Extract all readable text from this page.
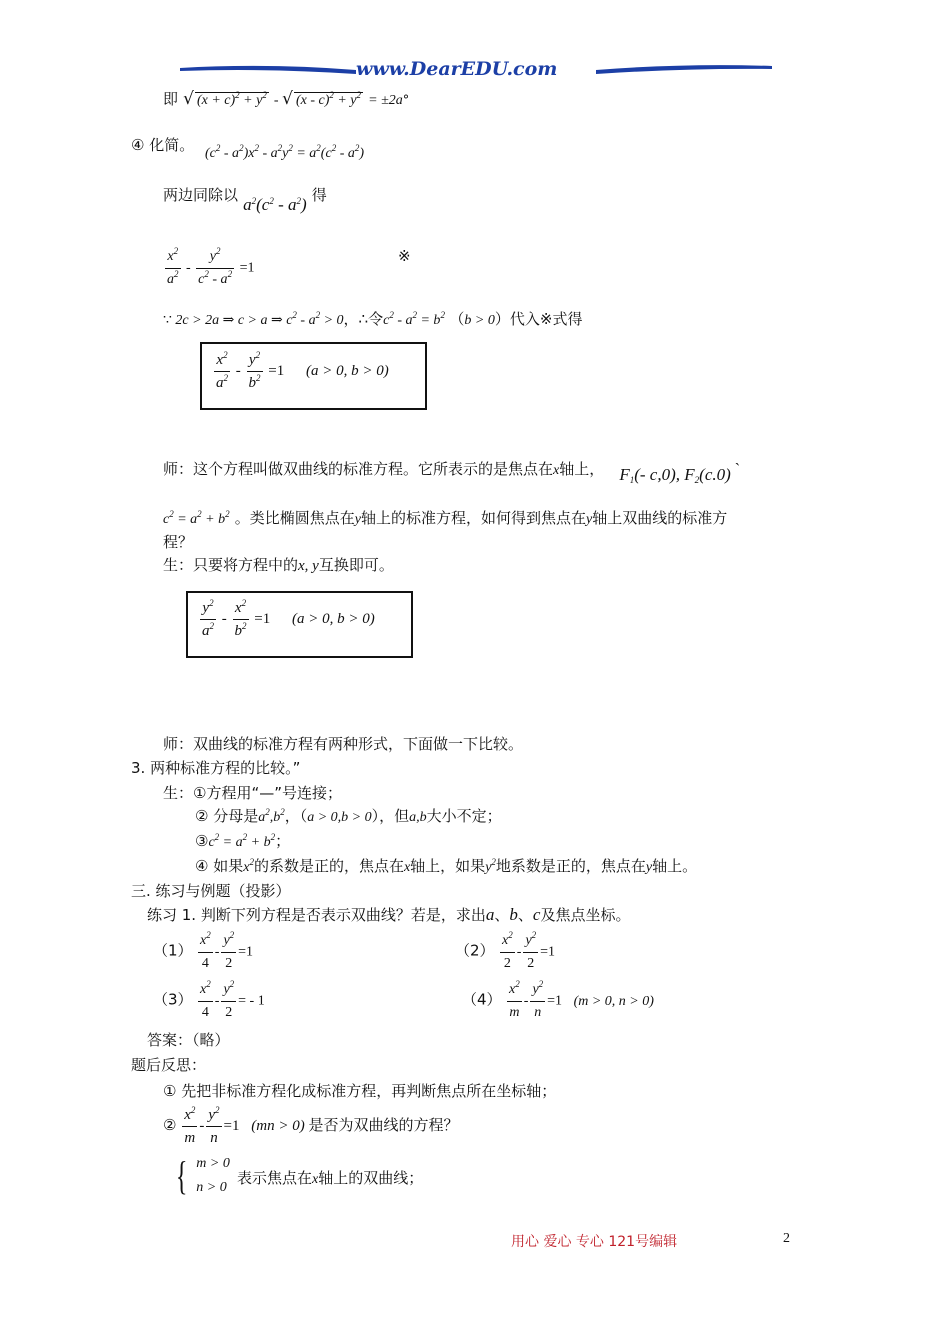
www.DearEDU.com
即 √ $(x + c)^2 + y^2$ - √ $(x - c)^2 + y^2 = \pm 2a^\circ$
④ 化简。 $(c^2 - a^2)x^2 - a^2y^2 = a^2(c^2 - a^2)$
两边同除以 $a^2(c^2 - a^2)$ 得
$\frac{x^2}{a^2} - \frac{y^2}{c^2 - a^2} =1$
※
∵ 2c > 2a ⇒ c > a ⇒ $c^2 - a^2 > 0$，∴令$c^2 - a^2 = b^2$ （b > 0）代入※式得
$\frac{x^2}{a^2} - \frac{y^2}{b^2} =1$ (a > 0, b > 0)
师：这个方程叫做双曲线的标准方程。它所表示的是焦点在x轴上， $F_1(-$ c,0), $F_2(c.0)$ `
$c^2 = a^2 + b^2$ 。类比椭圆焦点在y轴上的标准方程，如何得到焦点在y轴上双曲线的标准方
程？
生：只要将方程中的x, y互换即可。
$\frac{y^2}{a^2} - \frac{x^2}{b^2} =1$ (a > 0, b > 0)
师：双曲线的标准方程有两种形式，下面做一下比较。
3. 两种标准方程的比较。”
生：①方程用“—”号连接；
② 分母是$a^2,b^2$，（a > 0,b > 0），但a,b大小不定；
$③c^2 = a^2 + b^2$；
④ 如果$x^2$的系数是正的，焦点在x轴上，如果$y^2$地系数是正的，焦点在y轴上。
三. 练习与例题（投影）
练习 1. 判断下列方程是否表示双曲线？若是，求出a、b、c及焦点坐标。
$(1) \frac{x^2}{4} - \frac{y^2}{2} =1$	$(2) \frac{x^2}{2} - \frac{y^2}{2} =1$
$(3) \frac{x^2}{4} - \frac{y^2}{2}$ = - 1	$(4) \frac{x^2}{m} - \frac{y^2}{n} =1$ (m > 0, n > 0)
答案：（略）
题后反思：
① 先把非标准方程化成标准方程，再判断焦点所在坐标轴；
② $\frac{x^2}{m} - \frac{y^2}{n} =1$ (mn > 0) 是否为双曲线的方程？
{ m > 0
n > 0
表示焦点在x轴上的双曲线；
用心 爱心 专心 121号编辑	2
